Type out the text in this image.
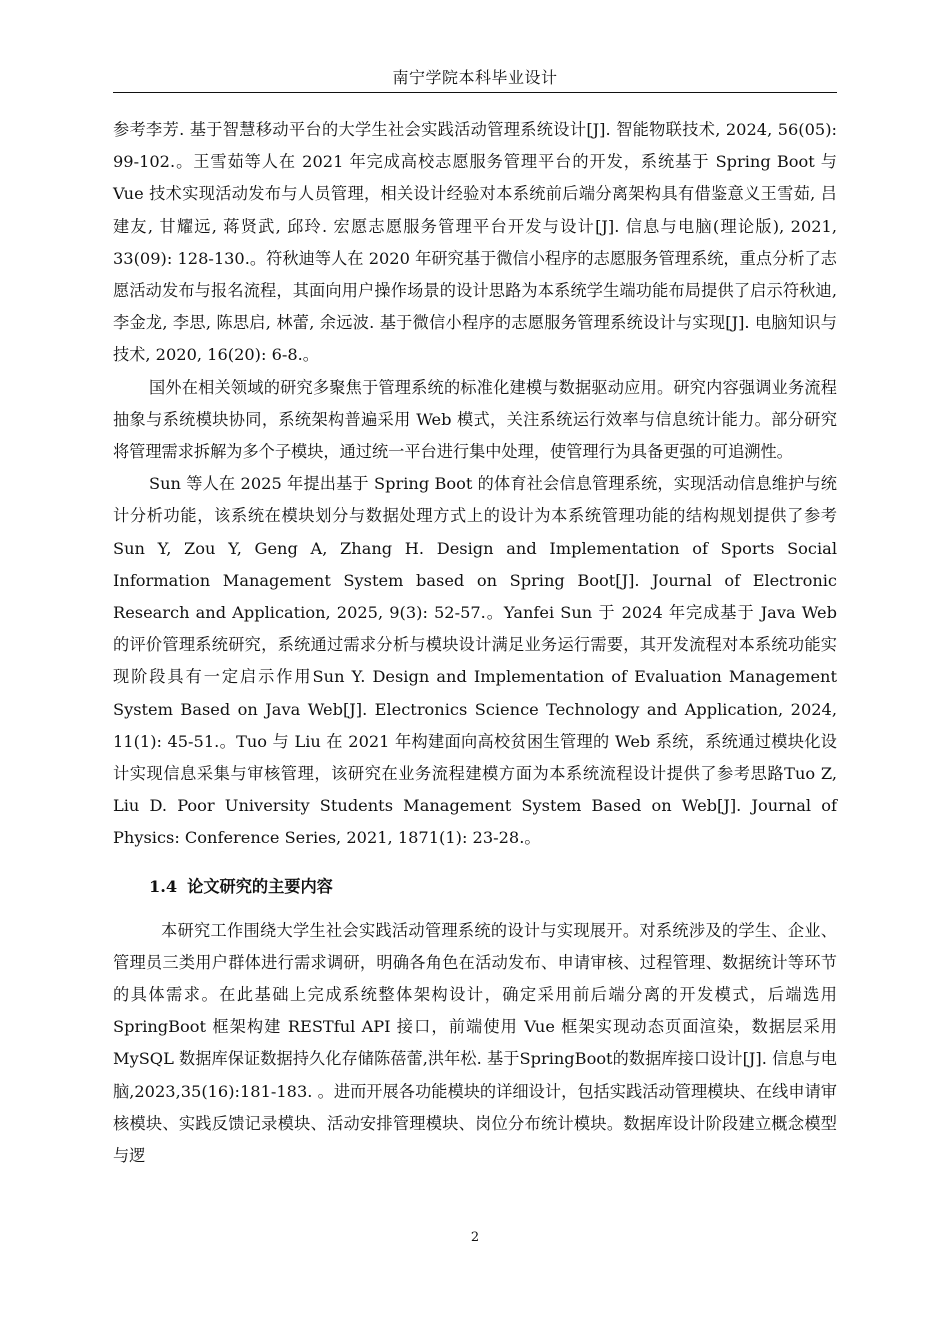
南宁学院本科毕业设计

参考李芳. 基于智慧移动平台的大学生社会实践活动管理系统设计[J]. 智能物联技术, 2024, 56(05): 99-102.。王雪茹等人在 2021 年完成高校志愿服务管理平台的开发，系统基于 Spring Boot 与 Vue 技术实现活动发布与人员管理，相关设计经验对本系统前后端分离架构具有借鉴意义王雪茹, 吕建友, 甘耀远, 蒋贤武, 邱玲. 宏愿志愿服务管理平台开发与设计[J]. 信息与电脑(理论版), 2021, 33(09): 128-130.。符秋迪等人在 2020 年研究基于微信小程序的志愿服务管理系统，重点分析了志愿活动发布与报名流程，其面向用户操作场景的设计思路为本系统学生端功能布局提供了启示符秋迪, 李金龙, 李思, 陈思启, 林蕾, 余远波. 基于微信小程序的志愿服务管理系统设计与实现[J]. 电脑知识与技术, 2020, 16(20): 6-8.。

国外在相关领域的研究多聚焦于管理系统的标准化建模与数据驱动应用。研究内容强调业务流程抽象与系统模块协同，系统架构普遍采用 Web 模式，关注系统运行效率与信息统计能力。部分研究将管理需求拆解为多个子模块，通过统一平台进行集中处理，使管理行为具备更强的可追溯性。

Sun 等人在 2025 年提出基于 Spring Boot 的体育社会信息管理系统，实现活动信息维护与统计分析功能，该系统在模块划分与数据处理方式上的设计为本系统管理功能的结构规划提供了参考Sun Y, Zou Y, Geng A, Zhang H. Design and Implementation of Sports Social Information Management System based on Spring Boot[J]. Journal of Electronic Research and Application, 2025, 9(3): 52-57.。Yanfei Sun 于 2024 年完成基于 Java Web 的评价管理系统研究，系统通过需求分析与模块设计满足业务运行需要，其开发流程对本系统功能实现阶段具有一定启示作用Sun Y. Design and Implementation of Evaluation Management System Based on Java Web[J]. Electronics Science Technology and Application, 2024, 11(1): 45-51.。Tuo 与 Liu 在 2021 年构建面向高校贫困生管理的 Web 系统，系统通过模块化设计实现信息采集与审核管理，该研究在业务流程建模方面为本系统流程设计提供了参考思路Tuo Z, Liu D. Poor University Students Management System Based on Web[J]. Journal of Physics: Conference Series, 2021, 1871(1): 23-28.。

1.4 论文研究的主要内容

本研究工作围绕大学生社会实践活动管理系统的设计与实现展开。对系统涉及的学生、企业、管理员三类用户群体进行需求调研，明确各角色在活动发布、申请审核、过程管理、数据统计等环节的具体需求。在此基础上完成系统整体架构设计，确定采用前后端分离的开发模式，后端选用 SpringBoot 框架构建 RESTful API 接口，前端使用 Vue 框架实现动态页面渲染，数据层采用 MySQL 数据库保证数据持久化存储陈蓓蕾,洪年松. 基于SpringBoot的数据库接口设计[J]. 信息与电脑,2023,35(16):181-183. 。进而开展各功能模块的详细设计，包括实践活动管理模块、在线申请审核模块、实践反馈记录模块、活动安排管理模块、岗位分布统计模块。数据库设计阶段建立概念模型与逻

2
